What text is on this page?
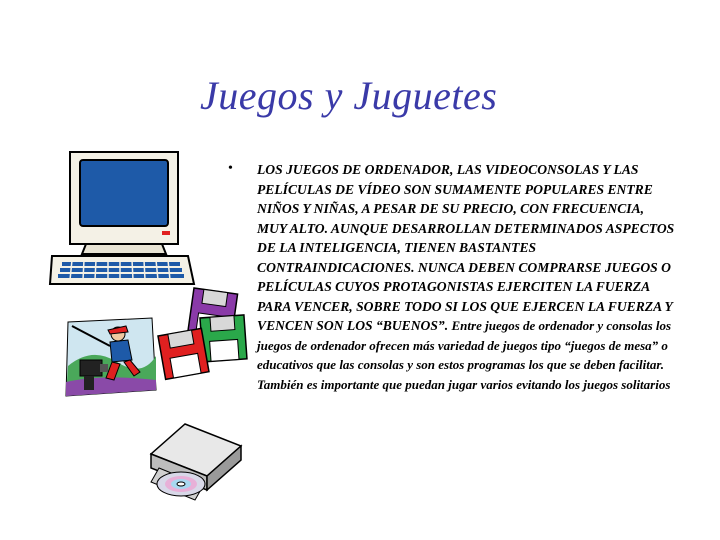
Juegos y Juguetes
• LOS JUEGOS DE ORDENADOR, LAS VIDEOCONSOLAS Y LAS PELÍCULAS DE VÍDEO SON SUMAMENTE POPULARES ENTRE NIÑOS Y NIÑAS, A PESAR DE SU PRECIO, CON FRECUENCIA, MUY ALTO. AUNQUE DESARROLLAN DETERMINADOS ASPECTOS DE LA INTELIGENCIA, TIENEN BASTANTES CONTRAINDICACIONES. NUNCA DEBEN COMPRARSE JUEGOS O PELÍCULAS CUYOS PROTAGONISTAS EJERCITEN LA FUERZA PARA VENCER, SOBRE TODO SI LOS QUE EJERCEN LA FUERZA Y VENCEN SON LOS “BUENOS”. Entre juegos de ordenador y consolas los juegos de ordenador ofrecen más variedad de juegos tipo “juegos de mesa” o educativos que las consolas y son estos programas los que se deben facilitar. También es importante que puedan jugar varios evitando los juegos solitarios
